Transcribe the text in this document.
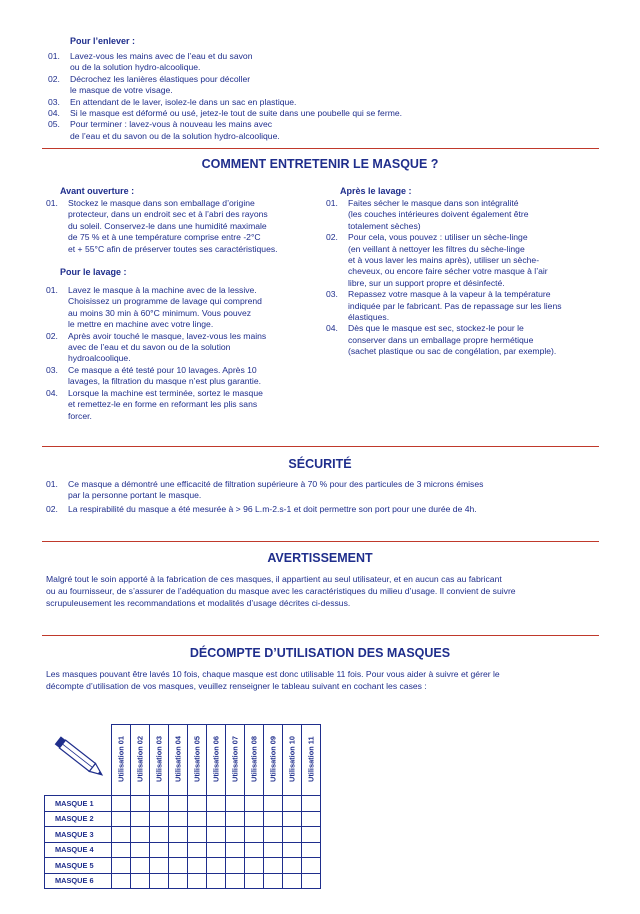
Pour l’enlever :
01. Lavez-vous les mains avec de l’eau et du savon
ou de la solution hydro-alcoolique.
02. Décrochez les lanières élastiques pour décoller
le masque de votre visage.
03. En attendant de le laver, isolez-le dans un sac en plastique.
04. Si le masque est déformé ou usé, jetez-le tout de suite dans une poubelle qui se ferme.
05. Pour terminer : lavez-vous à nouveau les mains avec
de l’eau et du savon ou de la solution hydro-alcoolique.
COMMENT ENTRETENIR LE MASQUE ?
Avant ouverture :
01. Stockez le masque dans son emballage d’origine
protecteur, dans un endroit sec et à l’abri des rayons
du soleil. Conservez-le dans une humidité maximale
de 75 % et à une température comprise entre -2°C
et + 55°C afin de préserver toutes ses caractéristiques.
Pour le lavage :
01. Lavez le masque à la machine avec de la lessive.
Choisissez un programme de lavage qui comprend
au moins 30 min à 60°C minimum. Vous pouvez
le mettre en machine avec votre linge.
02. Après avoir touché le masque, lavez-vous les mains
avec de l’eau et du savon ou de la solution
hydroalcoolique.
03. Ce masque a été testé pour 10 lavages. Après 10
lavages, la filtration du masque n’est plus garantie.
04. Lorsque la machine est terminée, sortez le masque
et remettez-le en forme en reformant les plis sans
forcer.
Après le lavage :
01. Faites sécher le masque dans son intégralité
(les couches intérieures doivent également être
totalement sèches)
02. Pour cela, vous pouvez : utiliser un sèche-linge
(en veillant à nettoyer les filtres du sèche-linge
et à vous laver les mains après), utiliser un sèche-
cheveux, ou encore faire sécher votre masque à l’air
libre, sur un support propre et désinfecté.
03. Repassez votre masque à la vapeur à la température
indiquée par le fabricant. Pas de repassage sur les liens
élastiques.
04. Dès que le masque est sec, stockez-le pour le
conserver dans un emballage propre hermétique
(sachet plastique ou sac de congélation, par exemple).
SÉCURITÉ
01. Ce masque a démontré une efficacité de filtration supérieure à 70 % pour des particules de 3 microns émises
par la personne portant le masque.
02. La respirabilité du masque a été mesurée à > 96 L.m-2.s-1 et doit permettre son port pour une durée de 4h.
AVERTISSEMENT
Malgré tout le soin apporté à la fabrication de ces masques, il appartient au seul utilisateur, et en aucun cas au fabricant
ou au fournisseur, de s’assurer de l’adéquation du masque avec les caractéristiques du milieu d’usage. Il convient de suivre
scrupuleusement les recommandations et modalités d’usage décrites ci-dessus.
DÉCOMPTE D’UTILISATION DES MASQUES
Les masques pouvant être lavés 10 fois, chaque masque est donc utilisable 11 fois. Pour vous aider à suivre et gérer le
décompte d’utilisation de vos masques, veuillez renseigner le tableau suivant en cochant les cases :

Utilisation 01	Utilisation 02	Utilisation 03	Utilisation 04	Utilisation 05	Utilisation 06	Utilisation 07	Utilisation 08	Utilisation 09	Utilisation 10	Utilisation 11

MASQUE 1											
MASQUE 2											
MASQUE 3											
MASQUE 4											
MASQUE 5											
MASQUE 6											
